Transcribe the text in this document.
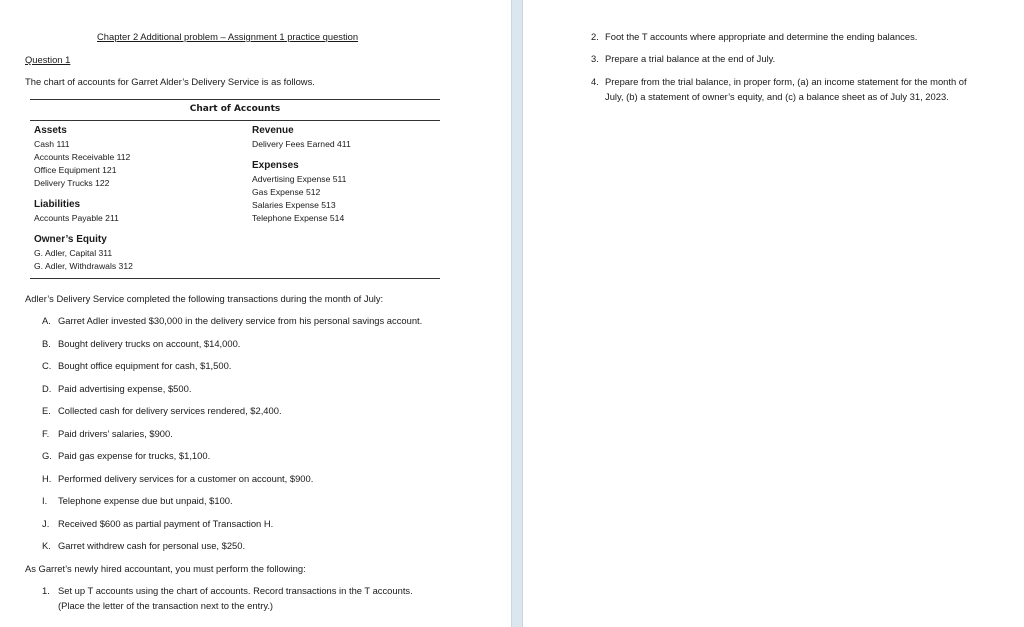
Chapter 2 Additional problem – Assignment 1 practice question
Question 1
The chart of accounts for Garret Alder’s Delivery Service is as follows.
Chart of Accounts
Assets
Cash 111
Accounts Receivable 112
Office Equipment 121
Delivery Trucks 122
Liabilities
Accounts Payable 211
Owner’s Equity
G. Adler, Capital 311
G. Adler, Withdrawals 312
Revenue
Delivery Fees Earned 411
Expenses
Advertising Expense 511
Gas Expense 512
Salaries Expense 513
Telephone Expense 514
Adler’s Delivery Service completed the following transactions during the month of July:
A. Garret Adler invested $30,000 in the delivery service from his personal savings account.
B. Bought delivery trucks on account, $14,000.
C. Bought office equipment for cash, $1,500.
D. Paid advertising expense, $500.
E. Collected cash for delivery services rendered, $2,400.
F. Paid drivers’ salaries, $900.
G. Paid gas expense for trucks, $1,100.
H. Performed delivery services for a customer on account, $900.
I. Telephone expense due but unpaid, $100.
J. Received $600 as partial payment of Transaction H.
K. Garret withdrew cash for personal use, $250.
As Garret’s newly hired accountant, you must perform the following:
1. Set up T accounts using the chart of accounts. Record transactions in the T accounts.
(Place the letter of the transaction next to the entry.)
2. Foot the T accounts where appropriate and determine the ending balances.
3. Prepare a trial balance at the end of July.
4. Prepare from the trial balance, in proper form, (a) an income statement for the month of
July, (b) a statement of owner’s equity, and (c) a balance sheet as of July 31, 2023.
